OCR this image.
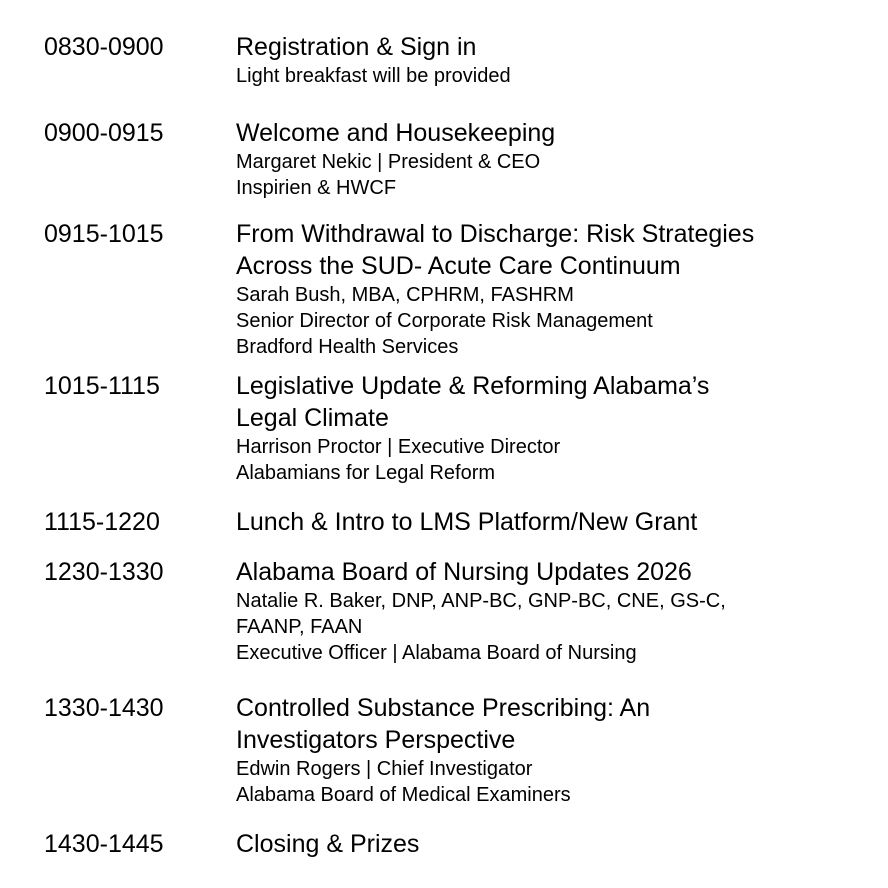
0830-0900	Registration & Sign in
Light breakfast will be provided
0900-0915	Welcome and Housekeeping
Margaret Nekic | President & CEO
Inspirien & HWCF
0915-1015	From Withdrawal to Discharge: Risk Strategies
Across the SUD- Acute Care Continuum
Sarah Bush, MBA, CPHRM, FASHRM
Senior Director of Corporate Risk Management
Bradford Health Services
1015-1115	Legislative Update & Reforming Alabama’s
Legal Climate
Harrison Proctor | Executive Director
Alabamians for Legal Reform
1115-1220	Lunch & Intro to LMS Platform/New Grant
1230-1330	Alabama Board of Nursing Updates 2026
Natalie R. Baker, DNP, ANP-BC, GNP-BC, CNE, GS-C,
FAANP, FAAN
Executive Officer | Alabama Board of Nursing
1330-1430	Controlled Substance Prescribing: An
Investigators Perspective
Edwin Rogers | Chief Investigator
Alabama Board of Medical Examiners
1430-1445	Closing & Prizes
